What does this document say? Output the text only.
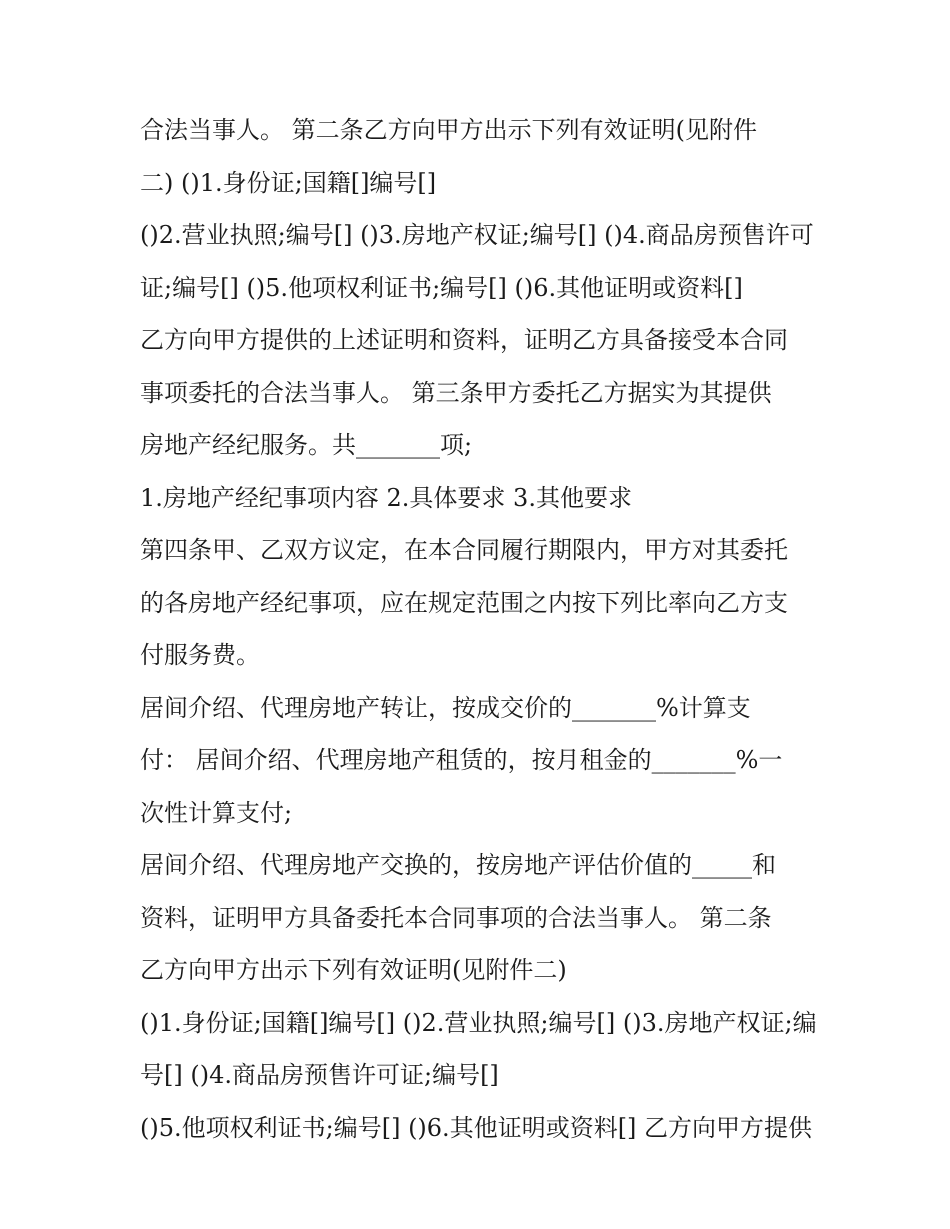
合法当事人。 第二条乙方向甲方出示下列有效证明(见附件
二) ()1.身份证;国籍[]编号[]
()2.营业执照;编号[] ()3.房地产权证;编号[] ()4.商品房预售许可
证;编号[] ()5.他项权利证书;编号[] ()6.其他证明或资料[]
乙方向甲方提供的上述证明和资料，证明乙方具备接受本合同
事项委托的合法当事人。 第三条甲方委托乙方据实为其提供
房地产经纪服务。共_______项;
1.房地产经纪事项内容 2.具体要求 3.其他要求
第四条甲、乙双方议定，在本合同履行期限内，甲方对其委托
的各房地产经纪事项，应在规定范围之内按下列比率向乙方支
付服务费。
居间介绍、代理房地产转让，按成交价的_______%计算支
付： 居间介绍、代理房地产租赁的，按月租金的_______%一
次性计算支付;
居间介绍、代理房地产交换的，按房地产评估价值的_____和
资料，证明甲方具备委托本合同事项的合法当事人。 第二条
乙方向甲方出示下列有效证明(见附件二)
()1.身份证;国籍[]编号[] ()2.营业执照;编号[] ()3.房地产权证;编
号[] ()4.商品房预售许可证;编号[]
()5.他项权利证书;编号[] ()6.其他证明或资料[] 乙方向甲方提供
